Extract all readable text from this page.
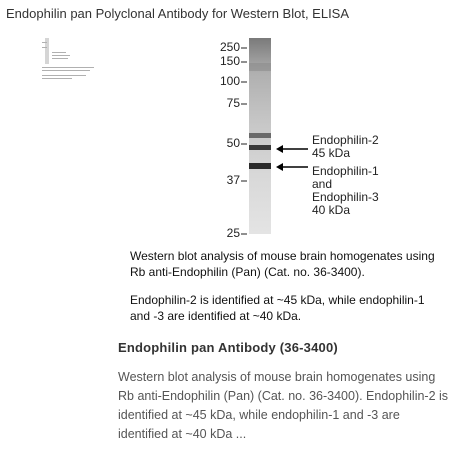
Endophilin pan Polyclonal Antibody for Western Blot, ELISA
250
150
100
75
50
37
25
Endophilin-2
45 kDa
Endophilin-1
and Endophilin-3
40 kDa
Western blot analysis of mouse brain homogenates using
Rb anti-Endophilin (Pan) (Cat. no. 36-3400).
Endophilin-2 is identified at ~45 kDa, while endophilin-1
and -3 are identified at ~40 kDa.
Endophilin pan Antibody (36-3400)
Western blot analysis of mouse brain homogenates using
Rb anti-Endophilin (Pan) (Cat. no. 36-3400). Endophilin-2 is
identified at ~45 kDa, while endophilin-1 and -3 are
identified at ~40 kDa ...
